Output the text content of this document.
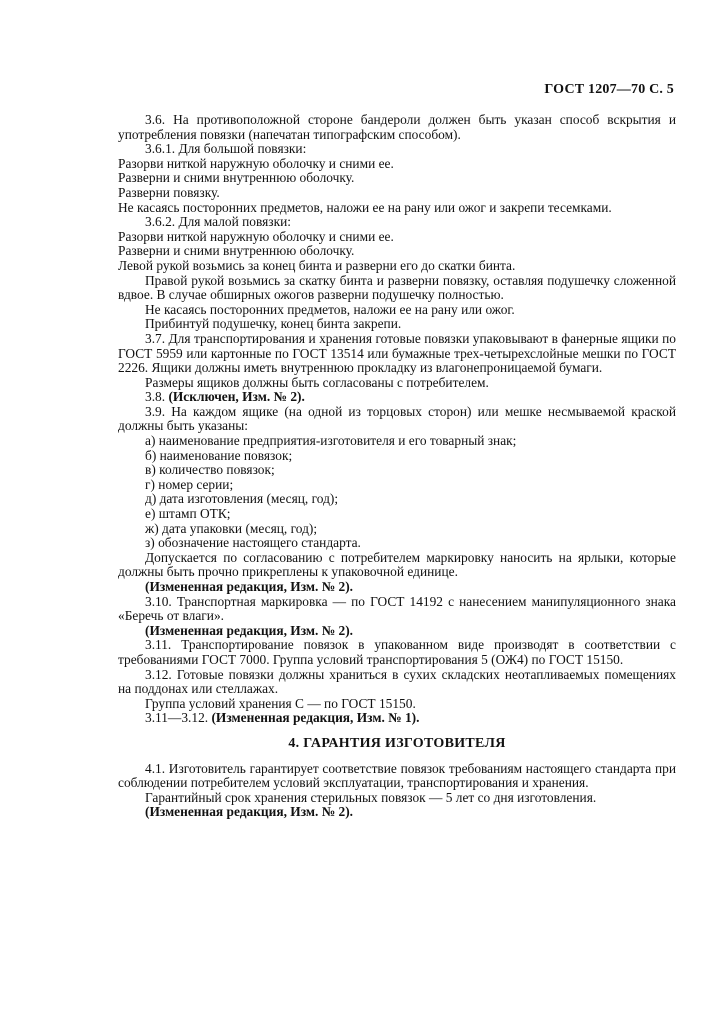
ГОСТ 1207—70 С. 5

3.6. На противоположной стороне бандероли должен быть указан способ вскрытия и употребления повязки (напечатан типографским способом).

3.6.1. Для большой повязки:

Разорви ниткой наружную оболочку и сними ее.

Разверни и сними внутреннюю оболочку.

Разверни повязку.

Не касаясь посторонних предметов, наложи ее на рану или ожог и закрепи тесемками.

3.6.2. Для малой повязки:

Разорви ниткой наружную оболочку и сними ее.

Разверни и сними внутреннюю оболочку.

Левой рукой возьмись за конец бинта и разверни его до скатки бинта.

Правой рукой возьмись за скатку бинта и разверни повязку, оставляя подушечку сложенной вдвое. В случае обширных ожогов разверни подушечку полностью.

Не касаясь посторонних предметов, наложи ее на рану или ожог.

Прибинтуй подушечку, конец бинта закрепи.

3.7. Для транспортирования и хранения готовые повязки упаковывают в фанерные ящики по ГОСТ 5959 или картонные по ГОСТ 13514 или бумажные трех-четырехслойные мешки по ГОСТ 2226. Ящики должны иметь внутреннюю прокладку из влагонепроницаемой бумаги.

Размеры ящиков должны быть согласованы с потребителем.

3.8. (Исключен, Изм. № 2).

3.9. На каждом ящике (на одной из торцовых сторон) или мешке несмываемой краской должны быть указаны:

а) наименование предприятия-изготовителя и его товарный знак;

б) наименование повязок;

в) количество повязок;

г) номер серии;

д) дата изготовления (месяц, год);

е) штамп ОТК;

ж) дата упаковки (месяц, год);

з) обозначение настоящего стандарта.

Допускается по согласованию с потребителем маркировку наносить на ярлыки, которые должны быть прочно прикреплены к упаковочной единице.

(Измененная редакция, Изм. № 2).

3.10. Транспортная маркировка — по ГОСТ 14192 с нанесением манипуляционного знака «Беречь от влаги».

(Измененная редакция, Изм. № 2).

3.11. Транспортирование повязок в упакованном виде производят в соответствии с требованиями ГОСТ 7000. Группа условий транспортирования 5 (ОЖ4) по ГОСТ 15150.

3.12. Готовые повязки должны храниться в сухих складских неотапливаемых помещениях на поддонах или стеллажах.

Группа условий хранения С — по ГОСТ 15150.

3.11—3.12. (Измененная редакция, Изм. № 1).

4. ГАРАНТИЯ ИЗГОТОВИТЕЛЯ

4.1. Изготовитель гарантирует соответствие повязок требованиям настоящего стандарта при соблюдении потребителем условий эксплуатации, транспортирования и хранения.

Гарантийный срок хранения стерильных повязок — 5 лет со дня изготовления.

(Измененная редакция, Изм. № 2).
